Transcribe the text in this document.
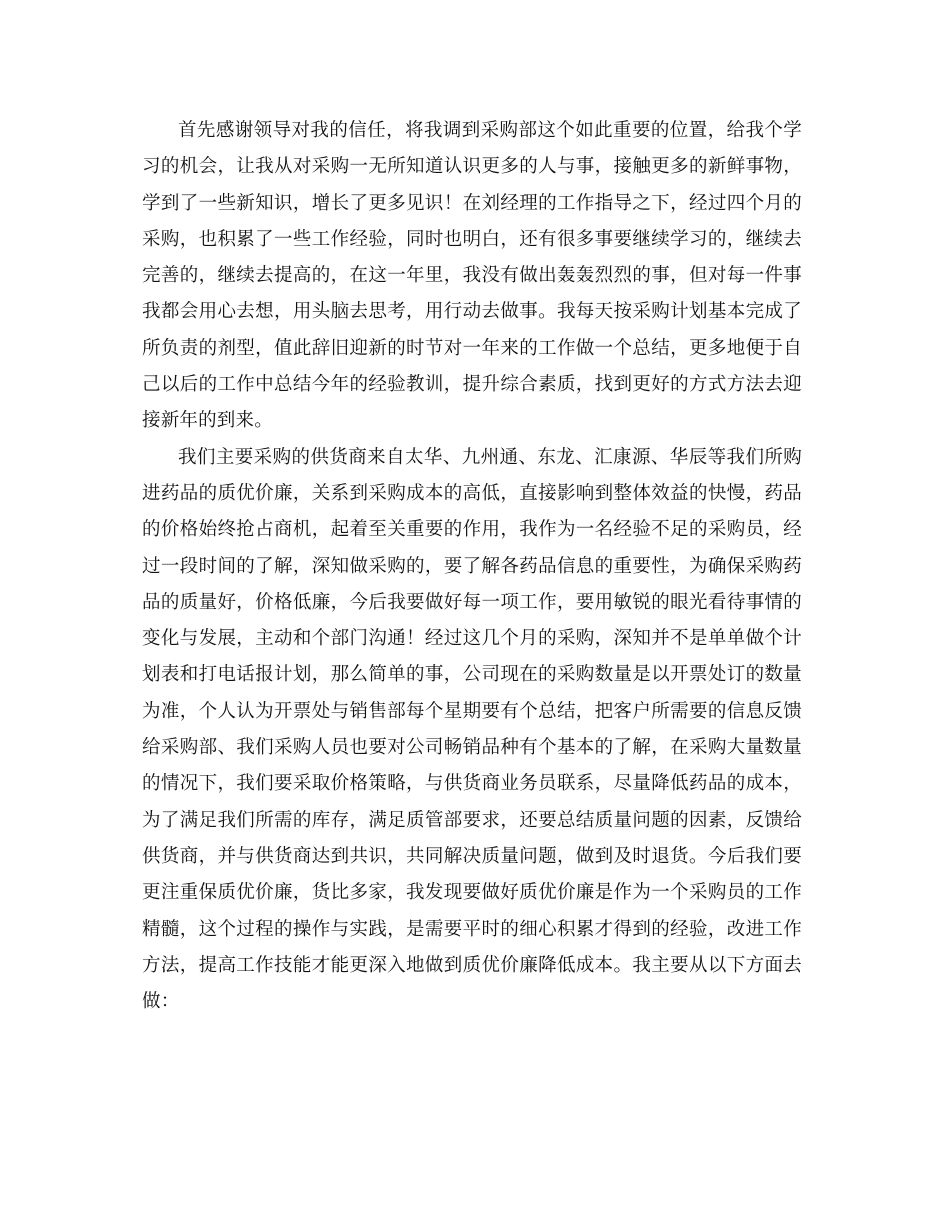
首先感谢领导对我的信任，将我调到采购部这个如此重要的位置，给我个学
习的机会，让我从对采购一无所知道认识更多的人与事，接触更多的新鲜事物，
学到了一些新知识，增长了更多见识！在刘经理的工作指导之下，经过四个月的
采购，也积累了一些工作经验，同时也明白，还有很多事要继续学习的，继续去
完善的，继续去提高的，在这一年里，我没有做出轰轰烈烈的事，但对每一件事
我都会用心去想，用头脑去思考，用行动去做事。我每天按采购计划基本完成了
所负责的剂型，值此辞旧迎新的时节对一年来的工作做一个总结，更多地便于自
己以后的工作中总结今年的经验教训，提升综合素质，找到更好的方式方法去迎
接新年的到来。
我们主要采购的供货商来自太华、九州通、东龙、汇康源、华辰等我们所购
进药品的质优价廉，关系到采购成本的高低，直接影响到整体效益的快慢，药品
的价格始终抢占商机，起着至关重要的作用，我作为一名经验不足的采购员，经
过一段时间的了解，深知做采购的，要了解各药品信息的重要性，为确保采购药
品的质量好，价格低廉，今后我要做好每一项工作，要用敏锐的眼光看待事情的
变化与发展，主动和个部门沟通！经过这几个月的采购，深知并不是单单做个计
划表和打电话报计划，那么简单的事，公司现在的采购数量是以开票处订的数量
为准，个人认为开票处与销售部每个星期要有个总结，把客户所需要的信息反馈
给采购部、我们采购人员也要对公司畅销品种有个基本的了解，在采购大量数量
的情况下，我们要采取价格策略，与供货商业务员联系，尽量降低药品的成本，
为了满足我们所需的库存，满足质管部要求，还要总结质量问题的因素，反馈给
供货商，并与供货商达到共识，共同解决质量问题，做到及时退货。今后我们要
更注重保质优价廉，货比多家，我发现要做好质优价廉是作为一个采购员的工作
精髓，这个过程的操作与实践，是需要平时的细心积累才得到的经验，改进工作
方法，提高工作技能才能更深入地做到质优价廉降低成本。我主要从以下方面去
做：
